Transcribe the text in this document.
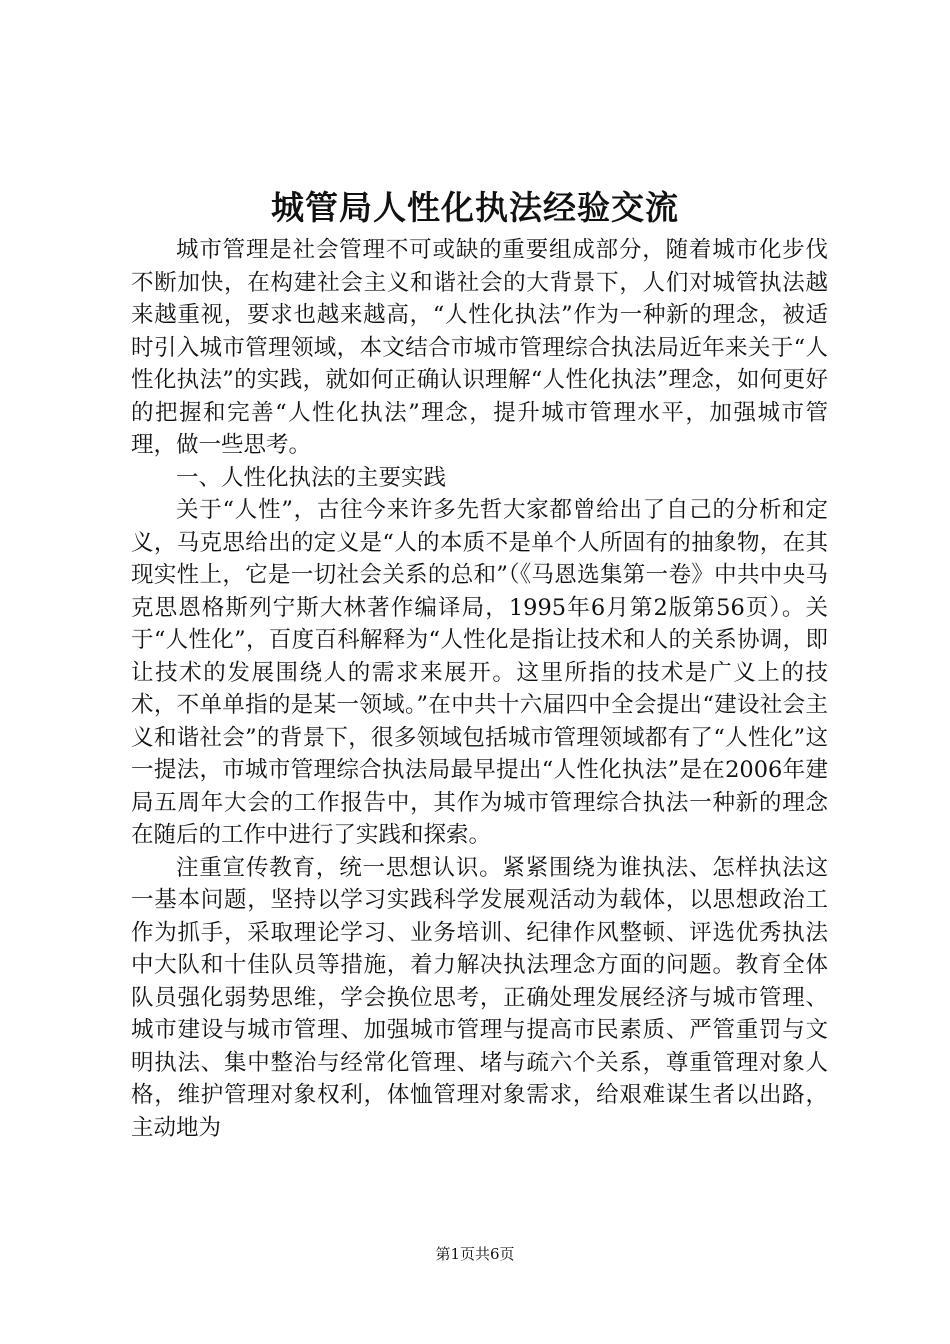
城管局人性化执法经验交流

城市管理是社会管理不可或缺的重要组成部分，随着城市化步伐不断加快，在构建社会主义和谐社会的大背景下，人们对城管执法越来越重视，要求也越来越高，“人性化执法”作为一种新的理念，被适时引入城市管理领域，本文结合市城市管理综合执法局近年来关于“人性化执法”的实践，就如何正确认识理解“人性化执法”理念，如何更好的把握和完善“人性化执法”理念，提升城市管理水平，加强城市管理，做一些思考。

一、人性化执法的主要实践

关于“人性”，古往今来许多先哲大家都曾给出了自己的分析和定义，马克思给出的定义是“人的本质不是单个人所固有的抽象物，在其现实性上，它是一切社会关系的总和”（《马恩选集第一卷》中共中央马克思恩格斯列宁斯大林著作编译局，1995年6月第2版第56页）。关于“人性化”，百度百科解释为“人性化是指让技术和人的关系协调，即让技术的发展围绕人的需求来展开。这里所指的技术是广义上的技术，不单单指的是某一领域。”在中共十六届四中全会提出“建设社会主义和谐社会”的背景下，很多领域包括城市管理领域都有了“人性化”这一提法，市城市管理综合执法局最早提出“人性化执法”是在2006年建局五周年大会的工作报告中，其作为城市管理综合执法一种新的理念在随后的工作中进行了实践和探索。

注重宣传教育，统一思想认识。紧紧围绕为谁执法、怎样执法这一基本问题，坚持以学习实践科学发展观活动为载体，以思想政治工作为抓手，采取理论学习、业务培训、纪律作风整顿、评选优秀执法中大队和十佳队员等措施，着力解决执法理念方面的问题。教育全体队员强化弱势思维，学会换位思考，正确处理发展经济与城市管理、城市建设与城市管理、加强城市管理与提高市民素质、严管重罚与文明执法、集中整治与经常化管理、堵与疏六个关系，尊重管理对象人格，维护管理对象权利，体恤管理对象需求，给艰难谋生者以出路，主动地为

第1页共6页
